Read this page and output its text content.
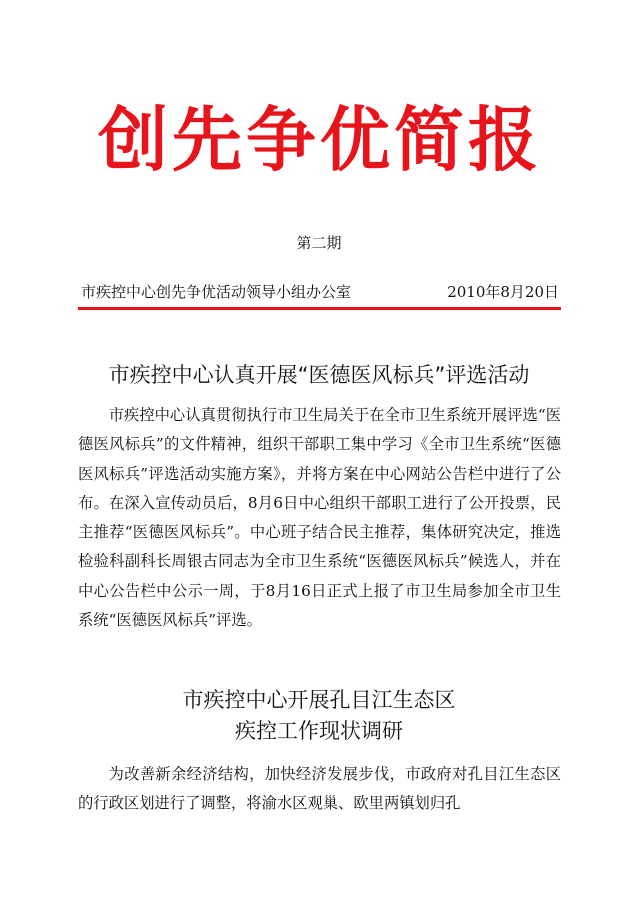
创先争优简报
第二期
市疾控中心创先争优活动领导小组办公室	2010年8月20日
市疾控中心认真开展“医德医风标兵”评选活动

市疾控中心认真贯彻执行市卫生局关于在全市卫生系统开展评选“医德医风标兵”的文件精神，组织干部职工集中学习《全市卫生系统“医德医风标兵”评选活动实施方案》，并将方案在中心网站公告栏中进行了公布。在深入宣传动员后，8月6日中心组织干部职工进行了公开投票，民主推荐“医德医风标兵”。中心班子结合民主推荐，集体研究决定，推选检验科副科长周银古同志为全市卫生系统“医德医风标兵”候选人，并在中心公告栏中公示一周，于8月16日正式上报了市卫生局参加全市卫生系统“医德医风标兵”评选。

市疾控中心开展孔目江生态区
疾控工作现状调研

为改善新余经济结构，加快经济发展步伐，市政府对孔目江生态区的行政区划进行了调整，将渝水区观巢、欧里两镇划归孔
